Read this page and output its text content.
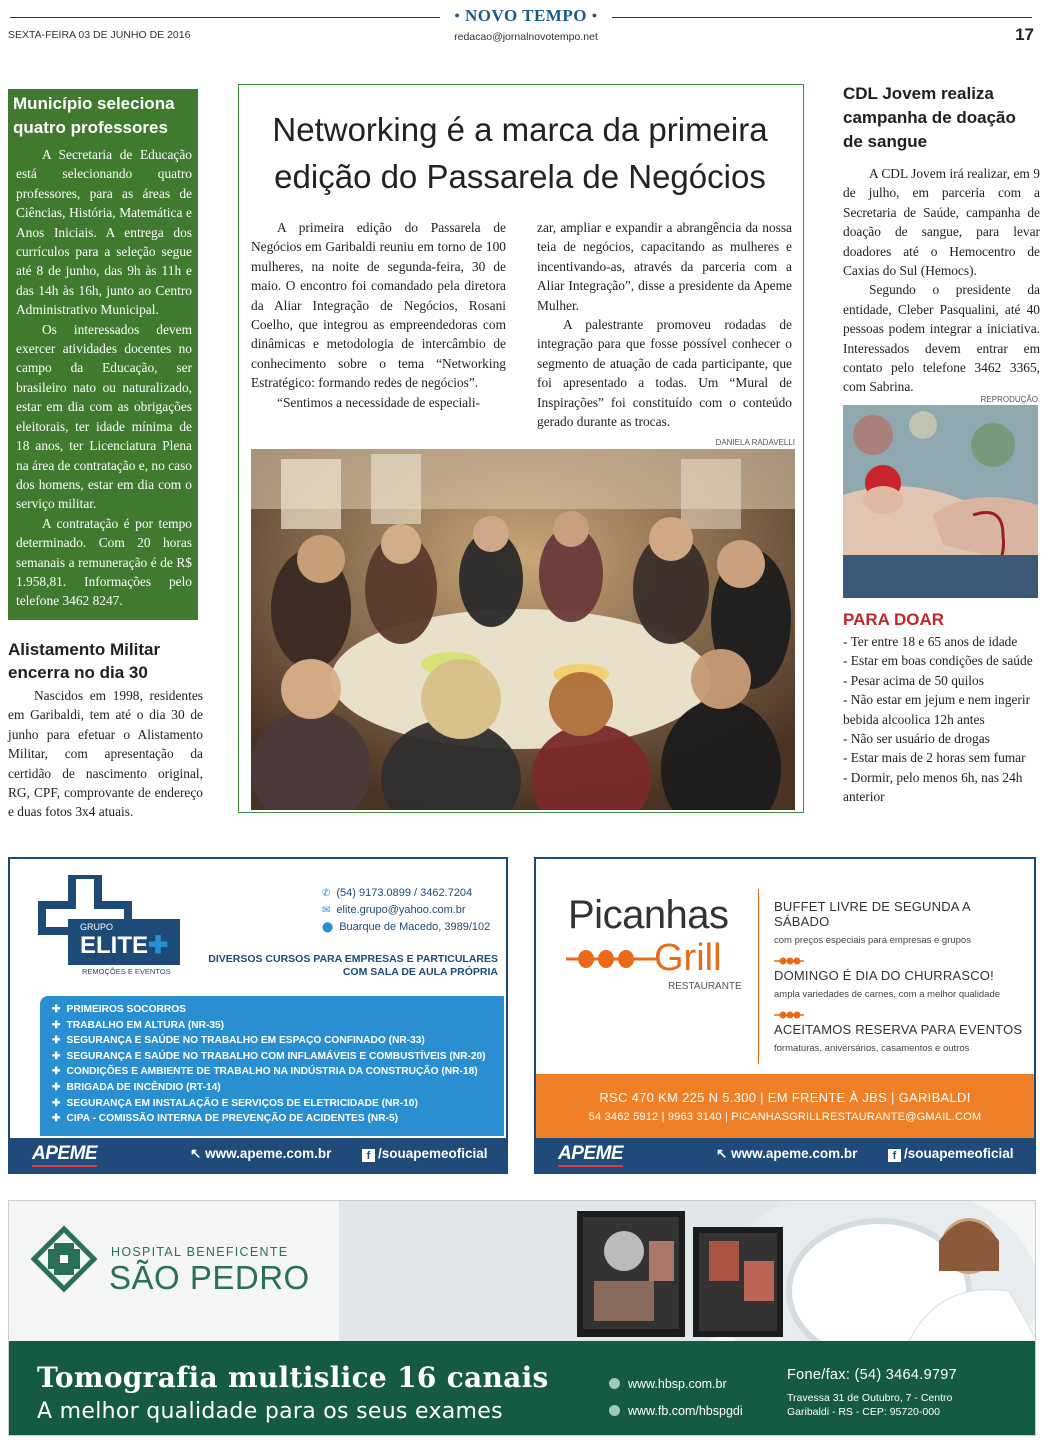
● NOVO TEMPO ●
SEXTA-FEIRA 03 DE JUNHO DE 2016	redacao@jornalnovotempo.net	17
Município seleciona quatro professores

A Secretaria de Educação está selecionando quatro professores, para as áreas de Ciências, História, Matemática e Anos Iniciais. A entrega dos currículos para a seleção segue até 8 de junho, das 9h às 11h e das 14h às 16h, junto ao Centro Administrativo Municipal.

Os interessados devem exercer atividades docentes no campo da Educação, ser brasileiro nato ou naturalizado, estar em dia com as obrigações eleitorais, ter idade mínima de 18 anos, ter Licenciatura Plena na área de contratação e, no caso dos homens, estar em dia com o serviço militar.

A contratação é por tempo determinado. Com 20 horas semanais a remuneração é de R$ 1.958,81. Informações pelo telefone 3462 8247.

Alistamento Militar encerra no dia 30

Nascidos em 1998, residentes em Garibaldi, tem até o dia 30 de junho para efetuar o Alistamento Militar, com apresentação da certidão de nascimento original, RG, CPF, comprovante de endereço e duas fotos 3x4 atuais.

Networking é a marca da primeira
edição do Passarela de Negócios

A primeira edição do Passarela de Negócios em Garibaldi reuniu em torno de 100 mulheres, na noite de segunda-feira, 30 de maio. O encontro foi comandado pela diretora da Aliar Integração de Negócios, Rosani Coelho, que integrou as empreendedoras com dinâmicas e metodologia de intercâmbio de conhecimento sobre o tema “Networking Estratégico: formando redes de negócios”.

“Sentimos a necessidade de especiali-

zar, ampliar e expandir a abrangência da nossa teia de negócios, capacitando as mulheres e incentivando-as, através da parceria com a Aliar Integração”, disse a presidente da Apeme Mulher.

A palestrante promoveu rodadas de integração para que fosse possível conhecer o segmento de atuação de cada participante, que foi apresentado a todas. Um “Mural de Inspirações” foi constituído com o conteúdo gerado durante as trocas.

DANIELA RADAVELLI
CDL Jovem realiza campanha de doação de sangue

A CDL Jovem irá realizar, em 9 de julho, em parceria com a Secretaria de Saúde, campanha de doação de sangue, para levar doadores até o Hemocentro de Caxias do Sul (Hemocs).

Segundo o presidente da entidade, Cleber Pasqualini, até 40 pessoas podem integrar a iniciativa. Interessados devem entrar em contato pelo telefone 3462 3365, com Sabrina.

REPRODUÇÃO
PARA DOAR
- Ter entre 18 e 65 anos de idade
- Estar em boas condições de saúde
- Pesar acima de 50 quilos
- Não estar em jejum e nem ingerir bebida alcoolica 12h antes
- Não ser usuário de drogas
- Estar mais de 2 horas sem fumar
- Dormir, pelo menos 6h, nas 24h anterior
GRUPO
ELITE✚
REMOÇÕES E EVENTOS
✆ (54) 9173.0899 / 3462.7204
✉ elite.grupo@yahoo.com.br
⬤ Buarque de Macedo, 3989/102
DIVERSOS CURSOS PARA EMPRESAS E PARTICULARES
COM SALA DE AULA PRÓPRIA
✚ PRIMEIROS SOCORROS
✚ TRABALHO EM ALTURA (NR-35)
✚ SEGURANÇA E SAÚDE NO TRABALHO EM ESPAÇO CONFINADO (NR-33)
✚ SEGURANÇA E SAÚDE NO TRABALHO COM INFLAMÁVEIS E COMBUSTÍVEIS (NR-20)
✚ CONDIÇÕES E AMBIENTE DE TRABALHO NA INDÚSTRIA DA CONSTRUÇÃO (NR-18)
✚ BRIGADA DE INCÊNDIO (RT-14)
✚ SEGURANÇA EM INSTALAÇÃO E SERVIÇOS DE ELETRICIDADE (NR-10)
✚ CIPA - COMISSÃO INTERNA DE PREVENÇÃO DE ACIDENTES (NR-5)
APEME	↖ www.apeme.com.br	f /souapemeoficial
Picanhas
Grill
RESTAURANTE
BUFFET LIVRE DE SEGUNDA A SÁBADO
com preços especiais para empresas e grupos
DOMINGO É DIA DO CHURRASCO!
ampla variedades de carnes, com a melhor qualidade
ACEITAMOS RESERVA PARA EVENTOS
formaturas, aniversários, casamentos e outros
RSC 470 KM 225 N 5.300 | EM FRENTE À JBS | GARIBALDI
54 3462 5912 | 9963 3140 | PICANHASGRILLRESTAURANTE@GMAIL.COM
APEME	↖ www.apeme.com.br	f /souapemeoficial
HOSPITAL BENEFICENTE
SÃO PEDRO
Tomografia multislice 16 canais
A melhor qualidade para os seus exames
www.hbsp.com.br
www.fb.com/hbspgdi
Fone/fax: (54) 3464.9797
Travessa 31 de Outubro, 7 - Centro
Garibaldi - RS - CEP: 95720-000
